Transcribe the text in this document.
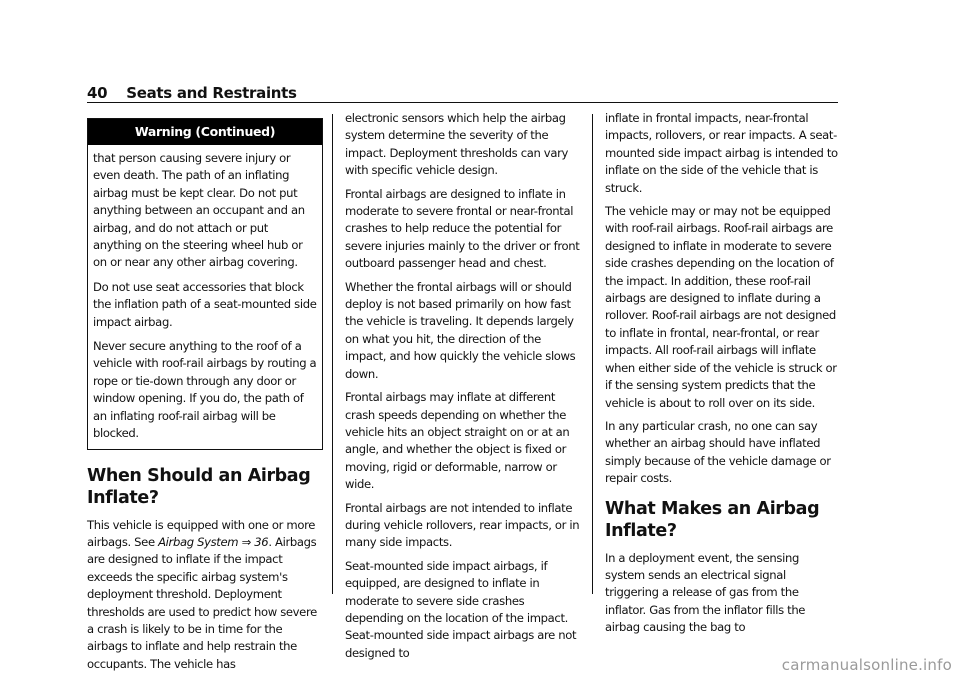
40 Seats and Restraints
Warning (Continued)

that person causing severe injury or even death. The path of an inflating airbag must be kept clear. Do not put anything between an occupant and an airbag, and do not attach or put anything on the steering wheel hub or on or near any other airbag covering.

Do not use seat accessories that block the inflation path of a seat-mounted side impact airbag.

Never secure anything to the roof of a vehicle with roof-rail airbags by routing a rope or tie-down through any door or window opening. If you do, the path of an inflating roof-rail airbag will be blocked.

When Should an Airbag Inflate?

This vehicle is equipped with one or more airbags. See Airbag System ⇒ 36. Airbags are designed to inflate if the impact exceeds the specific airbag system's deployment threshold. Deployment thresholds are used to predict how severe a crash is likely to be in time for the airbags to inflate and help restrain the occupants. The vehicle has

electronic sensors which help the airbag system determine the severity of the impact. Deployment thresholds can vary with specific vehicle design.

Frontal airbags are designed to inflate in moderate to severe frontal or near-frontal crashes to help reduce the potential for severe injuries mainly to the driver or front outboard passenger head and chest.

Whether the frontal airbags will or should deploy is not based primarily on how fast the vehicle is traveling. It depends largely on what you hit, the direction of the impact, and how quickly the vehicle slows down.

Frontal airbags may inflate at different crash speeds depending on whether the vehicle hits an object straight on or at an angle, and whether the object is fixed or moving, rigid or deformable, narrow or wide.

Frontal airbags are not intended to inflate during vehicle rollovers, rear impacts, or in many side impacts.

Seat-mounted side impact airbags, if equipped, are designed to inflate in moderate to severe side crashes depending on the location of the impact. Seat-mounted side impact airbags are not designed to

inflate in frontal impacts, near-frontal impacts, rollovers, or rear impacts. A seat-mounted side impact airbag is intended to inflate on the side of the vehicle that is struck.

The vehicle may or may not be equipped with roof-rail airbags. Roof-rail airbags are designed to inflate in moderate to severe side crashes depending on the location of the impact. In addition, these roof-rail airbags are designed to inflate during a rollover. Roof-rail airbags are not designed to inflate in frontal, near-frontal, or rear impacts. All roof-rail airbags will inflate when either side of the vehicle is struck or if the sensing system predicts that the vehicle is about to roll over on its side.

In any particular crash, no one can say whether an airbag should have inflated simply because of the vehicle damage or repair costs.

What Makes an Airbag Inflate?

In a deployment event, the sensing system sends an electrical signal triggering a release of gas from the inflator. Gas from the inflator fills the airbag causing the bag to

carmanualsonline.info
